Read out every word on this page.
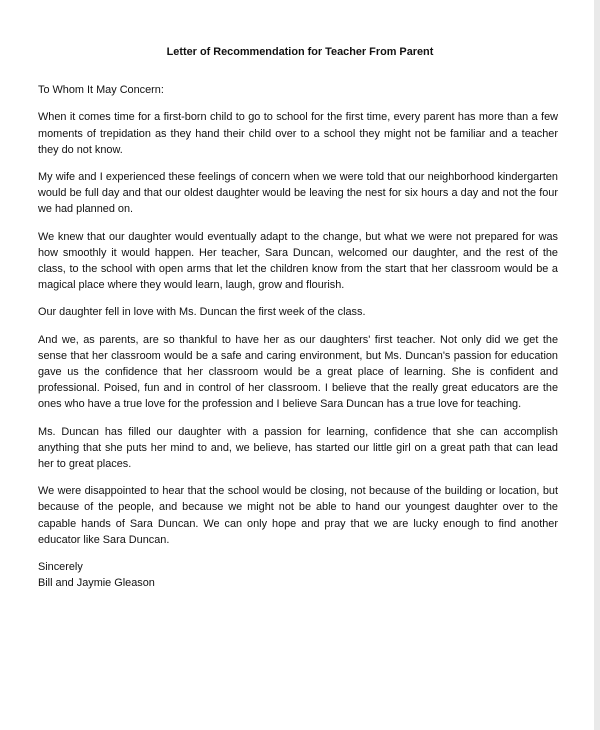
Letter of Recommendation for Teacher From Parent
To Whom It May Concern:

When it comes time for a first-born child to go to school for the first time, every parent has more than a few moments of trepidation as they hand their child over to a school they might not be familiar and a teacher they do not know.

My wife and I experienced these feelings of concern when we were told that our neighborhood kindergarten would be full day and that our oldest daughter would be leaving the nest for six hours a day and not the four we had planned on.

We knew that our daughter would eventually adapt to the change, but what we were not prepared for was how smoothly it would happen. Her teacher, Sara Duncan, welcomed our daughter, and the rest of the class, to the school with open arms that let the children know from the start that her classroom would be a magical place where they would learn, laugh, grow and flourish.

Our daughter fell in love with Ms. Duncan the first week of the class.

And we, as parents, are so thankful to have her as our daughters' first teacher. Not only did we get the sense that her classroom would be a safe and caring environment, but Ms. Duncan's passion for education gave us the confidence that her classroom would be a great place of learning. She is confident and professional. Poised, fun and in control of her classroom. I believe that the really great educators are the ones who have a true love for the profession and I believe Sara Duncan has a true love for teaching.

Ms. Duncan has filled our daughter with a passion for learning, confidence that she can accomplish anything that she puts her mind to and, we believe, has started our little girl on a great path that can lead her to great places.

We were disappointed to hear that the school would be closing, not because of the building or location, but because of the people, and because we might not be able to hand our youngest daughter over to the capable hands of Sara Duncan. We can only hope and pray that we are lucky enough to find another educator like Sara Duncan.

Sincerely
Bill and Jaymie Gleason
